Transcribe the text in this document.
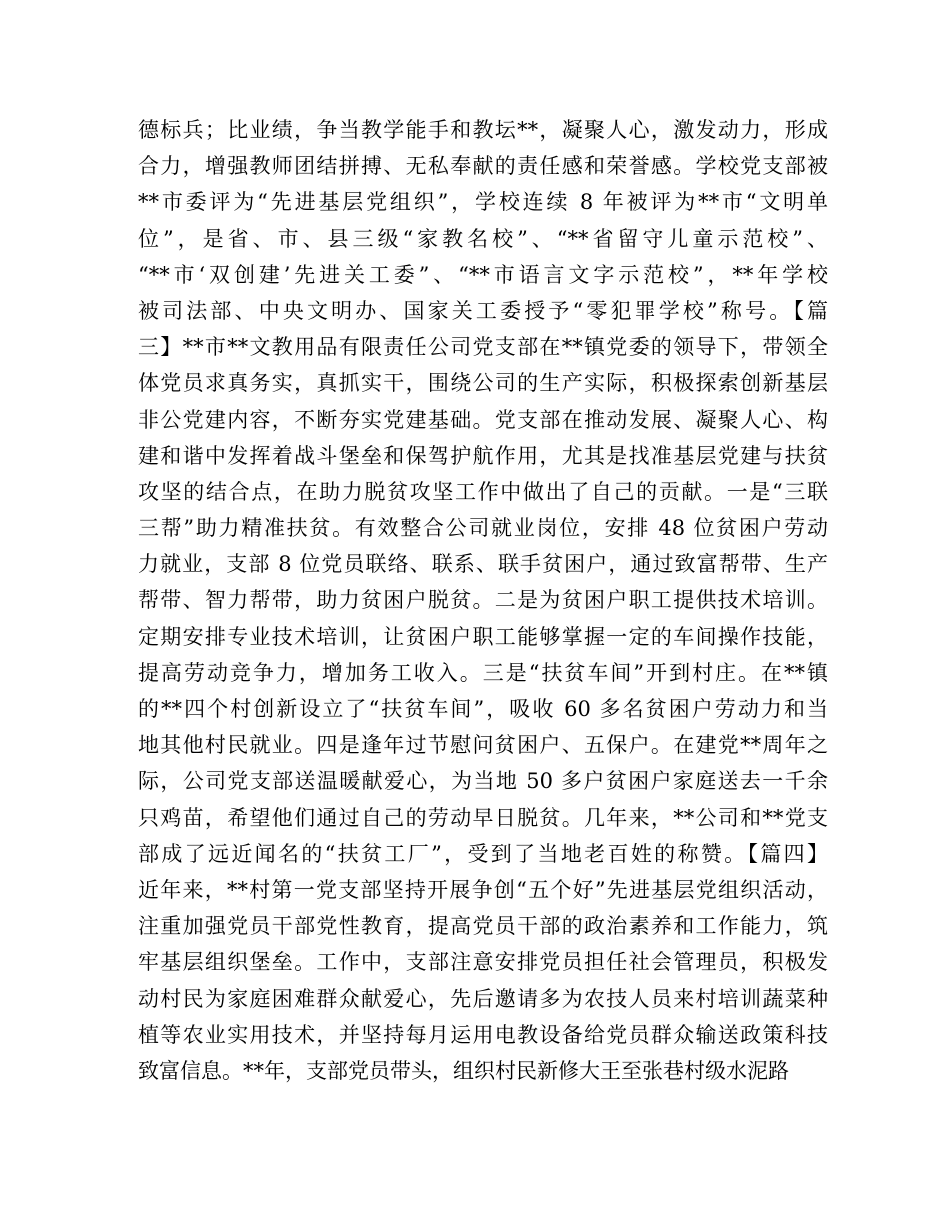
德标兵；比业绩，争当教学能手和教坛**，凝聚人心，激发动力，形成
合力，增强教师团结拼搏、无私奉献的责任感和荣誉感。学校党支部被
**市委评为“先进基层党组织”，学校连续 8 年被评为**市“文明单
位”，是省、市、县三级“家教名校”、“**省留守儿童示范校”、
“**市‘双创建’先进关工委”、“**市语言文字示范校”，**年学校
被司法部、中央文明办、国家关工委授予“零犯罪学校”称号。【篇
三】**市**文教用品有限责任公司党支部在**镇党委的领导下，带领全
体党员求真务实，真抓实干，围绕公司的生产实际，积极探索创新基层
非公党建内容，不断夯实党建基础。党支部在推动发展、凝聚人心、构
建和谐中发挥着战斗堡垒和保驾护航作用，尤其是找准基层党建与扶贫
攻坚的结合点，在助力脱贫攻坚工作中做出了自己的贡献。一是“三联
三帮”助力精准扶贫。有效整合公司就业岗位，安排 48 位贫困户劳动
力就业，支部 8 位党员联络、联系、联手贫困户，通过致富帮带、生产
帮带、智力帮带，助力贫困户脱贫。二是为贫困户职工提供技术培训。
定期安排专业技术培训，让贫困户职工能够掌握一定的车间操作技能，
提高劳动竞争力，增加务工收入。三是“扶贫车间”开到村庄。在**镇
的**四个村创新设立了“扶贫车间”，吸收 60 多名贫困户劳动力和当
地其他村民就业。四是逢年过节慰问贫困户、五保户。在建党**周年之
际，公司党支部送温暖献爱心，为当地 50 多户贫困户家庭送去一千余
只鸡苗，希望他们通过自己的劳动早日脱贫。几年来，**公司和**党支
部成了远近闻名的“扶贫工厂”，受到了当地老百姓的称赞。【篇四】
近年来，**村第一党支部坚持开展争创“五个好”先进基层党组织活动，
注重加强党员干部党性教育，提高党员干部的政治素养和工作能力，筑
牢基层组织堡垒。工作中，支部注意安排党员担任社会管理员，积极发
动村民为家庭困难群众献爱心，先后邀请多为农技人员来村培训蔬菜种
植等农业实用技术，并坚持每月运用电教设备给党员群众输送政策科技
致富信息。**年，支部党员带头，组织村民新修大王至张巷村级水泥路
